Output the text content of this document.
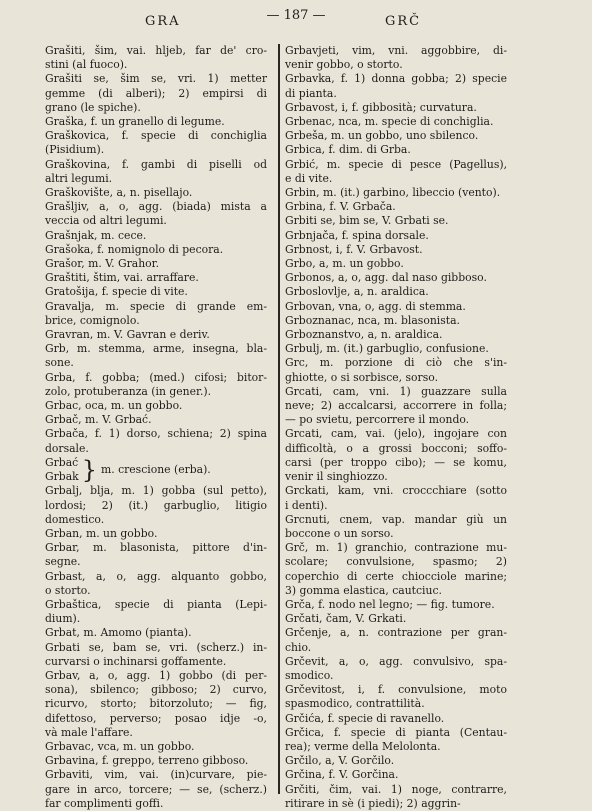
GRA	— 187 —	GRČ

Grašiti, šim, vai. hljeb, far de' cro-
stini (al fuoco).

Grašiti se, šim se, vri. 1) metter
gemme (di alberi); 2) empirsi di
grano (le spiche).

Graška, f. un granello di legume.

Graškovica, f. specie di conchiglia
(Pisidium).

Graškovina, f. gambi di piselli od
altri legumi.

Graškovište, a, n. pisellajo.

Grašljiv, a, o, agg. (biada) mista a
veccia od altri legumi.

Grašnjak, m. cece.

Grašoka, f. nomignolo di pecora.

Grašor, m. V. Grahor.

Graštiti, štim, vai. arraffare.

Gratošija, f. specie di vite.

Gravalja, m. specie di grande em-
brice, comignolo.

Gravran, m. V. Gavran e deriv.

Grb, m. stemma, arme, insegna, bla-
sone.

Grba, f. gobba; (med.) cifosi; bitor-
zolo, protuberanza (in gener.).

Grbac, oca, m. un gobbo.

Grbač, m. V. Grbać.

Grbača, f. 1) dorso, schiena; 2) spina
dorsale.

Grbać
Grbak } m. crescione (erba).

Grbalj, blja, m. 1) gobba (sul petto),
lordosi; 2) (it.) garbuglio, litigio
domestico.

Grban, m. un gobbo.

Grbar, m. blasonista, pittore d'in-
segne.

Grbast, a, o, agg. alquanto gobbo,
o storto.

Grbaštica, specie di pianta (Lepi-
dium).

Grbat, m. Amomo (pianta).

Grbati se, bam se, vri. (scherz.) in-
curvarsi o inchinarsi goffamente.

Grbav, a, o, agg. 1) gobbo (di per-
sona), sbilenco; gibboso; 2) curvo,
ricurvo, storto; bitorzoluto; — fig,
difettoso, perverso; posao idje -o,
và male l'affare.

Grbavac, vca, m. un gobbo.

Grbavina, f. greppo, terreno gibboso.

Grbaviti, vim, vai. (in)curvare, pie-
gare in arco, torcere; — se, (scherz.)
far complimenti goffi.

Grbavjeti, vim, vni. aggobbire, di-
venir gobbo, o storto.

Grbavka, f. 1) donna gobba; 2) specie
di pianta.

Grbavost, i, f. gibbosità; curvatura.

Grbenac, nca, m. specie di conchiglia.

Grbeša, m. un gobbo, uno sbilenco.

Grbica, f. dim. di Grba.

Grbić, m. specie di pesce (Pagellus),
e di vite.

Grbin, m. (it.) garbino, libeccio (vento).

Grbina, f. V. Grbača.

Grbiti se, bim se, V. Grbati se.

Grbnjača, f. spina dorsale.

Grbnost, i, f. V. Grbavost.

Grbo, a, m. un gobbo.

Grbonos, a, o, agg. dal naso gibboso.

Grboslovlje, a, n. araldica.

Grbovan, vna, o, agg. di stemma.

Grboznanac, nca, m. blasonista.

Grboznanstvo, a, n. araldica.

Grbulj, m. (it.) garbuglio, confusione.

Grc, m. porzione di ciò che s'in-
ghiotte, o si sorbisce, sorso.

Grcati, cam, vni. 1) guazzare sulla
neve; 2) accalcarsi, accorrere in folla;
— po svietu, percorrere il mondo.

Grcati, cam, vai. (jelo), ingojare con
difficoltà, o a grossi bocconi; soffo-
carsi (per troppo cibo); — se komu,
venir il singhiozzo.

Grckati, kam, vni. croccchiare (sotto
i denti).

Grcnuti, cnem, vap. mandar giù un
boccone o un sorso.

Grč, m. 1) granchio, contrazione mu-
scolare; convulsione, spasmo; 2)
coperchio di certe chiocciole marine;
3) gomma elastica, cautciuc.

Grča, f. nodo nel legno; — fig. tumore.

Grčati, čam, V. Grkati.

Grčenje, a, n. contrazione per gran-
chio.

Grčevit, a, o, agg. convulsivo, spa-
smodico.

Grčevitost, i, f. convulsione, moto
spasmodico, contrattilità.

Grčića, f. specie di ravanello.

Grčica, f. specie di pianta (Centau-
rea); verme della Melolonta.

Grčilo, a, V. Gorčilo.

Grčina, f. V. Gorčina.

Grčiti, čim, vai. 1) noge, contrarre,
ritirare in sè (i piedi); 2) aggrin-
